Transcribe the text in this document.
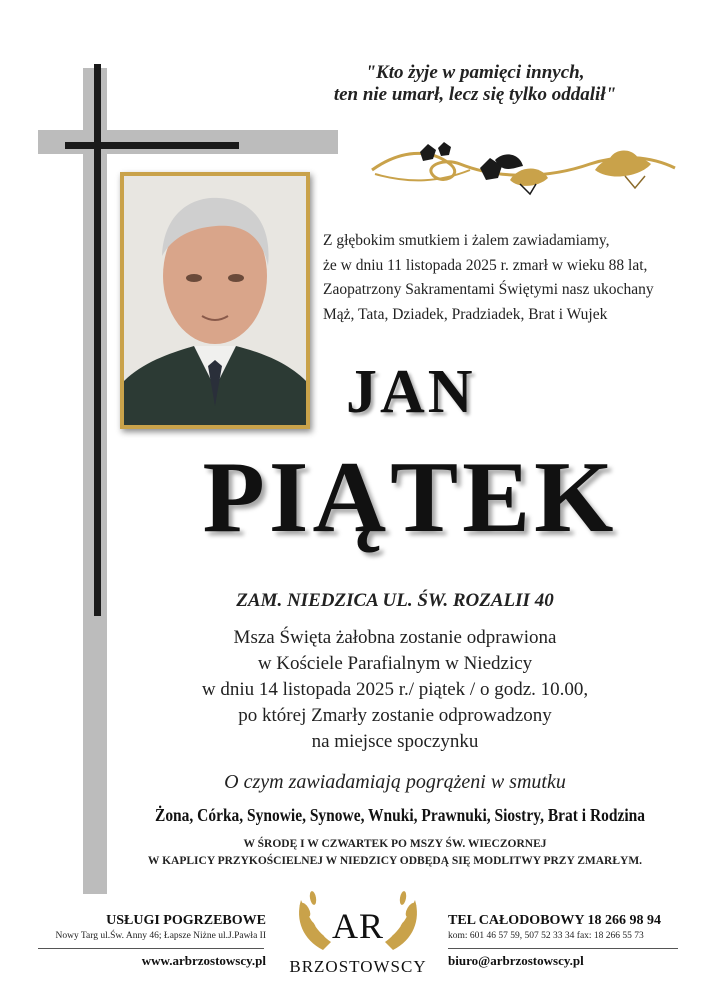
"Kto żyje w pamięci innych,
ten nie umarł, lecz się tylko oddalił"
Z głębokim smutkiem i żalem zawiadamiamy,
że w dniu 11 listopada 2025 r. zmarł w wieku 88 lat,
Zaopatrzony Sakramentami Świętymi nasz ukochany
Mąż, Tata, Dziadek, Pradziadek, Brat i Wujek
JAN
PIĄTEK
ZAM. NIEDZICA UL. ŚW. ROZALII 40
Msza Święta żałobna zostanie odprawiona
w Kościele Parafialnym w Niedzicy
w dniu 14 listopada 2025 r./ piątek / o godz. 10.00,
po której Zmarły zostanie odprowadzony
na miejsce spoczynku
O czym zawiadamiają pogrążeni w smutku
Żona, Córka, Synowie, Synowe, Wnuki, Prawnuki, Siostry, Brat i Rodzina
W ŚRODĘ I W CZWARTEK PO MSZY ŚW. WIECZORNEJ
W KAPLICY PRZYKOŚCIELNEJ W NIEDZICY ODBĘDĄ SIĘ MODLITWY PRZY ZMARŁYM.
USŁUGI POGRZEBOWE
Nowy Targ ul.Św. Anny 46; Łapsze Niżne ul.J.Pawła II
www.arbrzostowscy.pl
AR
BRZOSTOWSCY
TEL CAŁODOBOWY 18 266 98 94
kom: 601 46 57 59, 507 52 33 34 fax: 18 266 55 73
biuro@arbrzostowscy.pl
